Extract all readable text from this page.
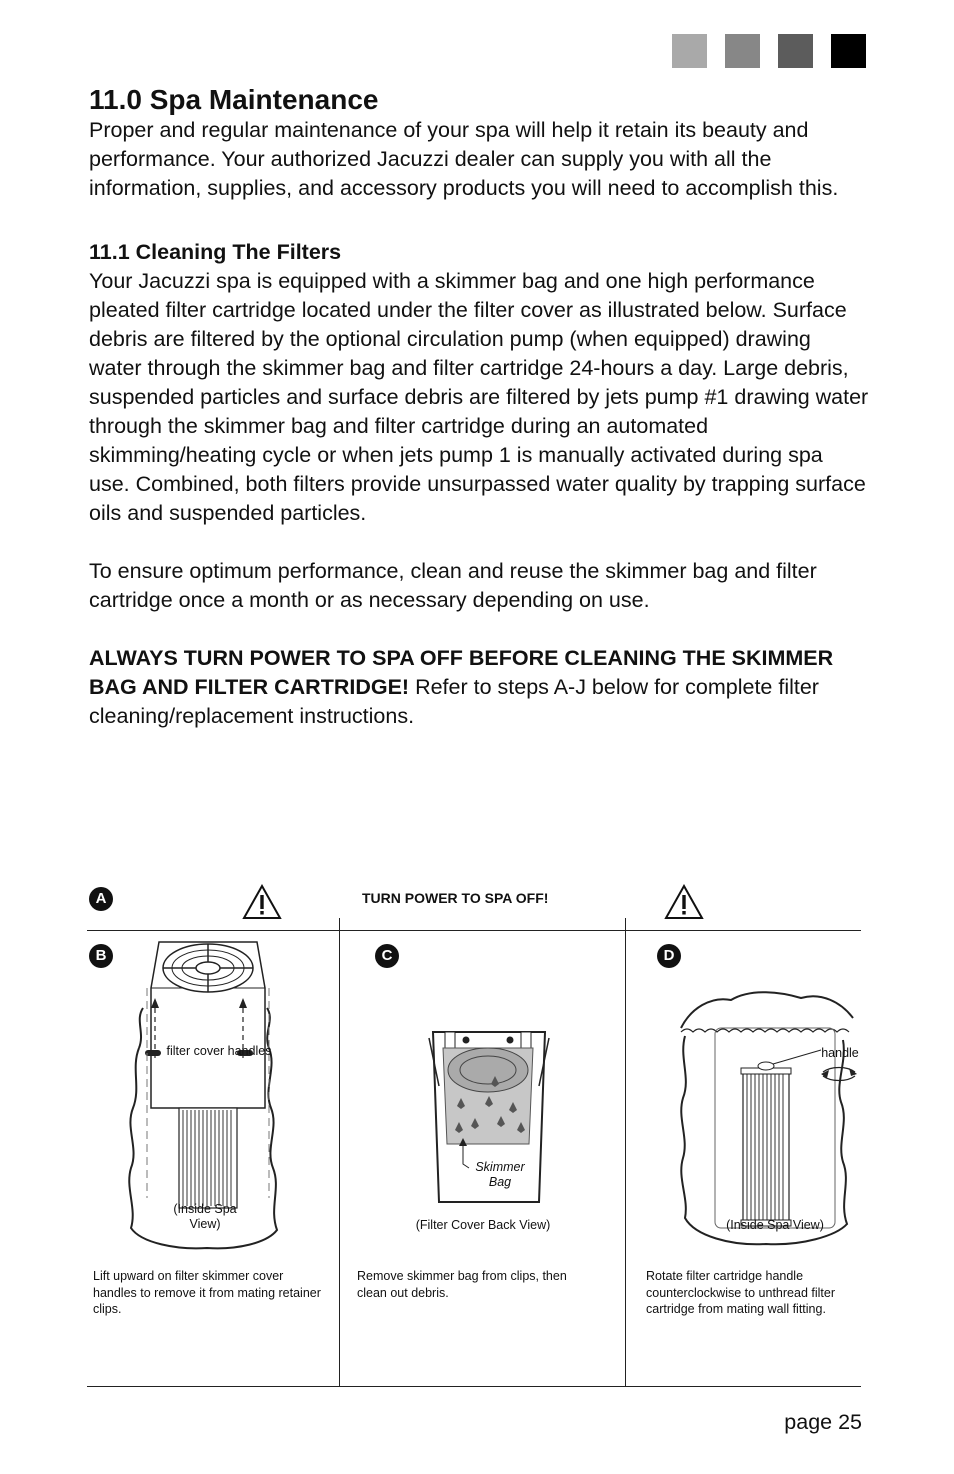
11.0 Spa Maintenance

Proper and regular maintenance of your spa will help it retain its beauty and performance. Your authorized Jacuzzi dealer can supply you with all the information, supplies, and accessory products you will need to accomplish this.

11.1 Cleaning The Filters

Your Jacuzzi spa is equipped with a skimmer bag and one high performance pleated filter cartridge located under the filter cover as illustrated below. Surface debris are filtered by the optional circulation pump (when equipped) drawing water through the skimmer bag and filter cartridge 24-hours a day. Large debris, suspended particles and surface debris are filtered by jets pump #1 drawing water through the skimmer bag and filter cartridge during an automated skimming/heating cycle or when jets pump 1 is manually activated during spa use. Combined, both filters provide unsurpassed water quality by trapping surface oils and suspended particles.

To ensure optimum performance, clean and reuse the skimmer bag and filter cartridge once a month or as necessary depending on use.

ALWAYS TURN POWER TO SPA OFF BEFORE CLEANING THE SKIMMER BAG AND FILTER CARTRIDGE! Refer to steps A-J below for complete filter cleaning/replacement instructions.

A	TURN POWER TO SPA OFF!
B
filter cover handles
(Inside Spa View)
Lift upward on filter skimmer cover handles to remove it from mating retainer clips.
C
Skimmer Bag
(Filter Cover Back View)
Remove skimmer bag from clips, then clean out debris.
D
handle
(Inside Spa View)
Rotate filter cartridge handle counterclockwise to unthread filter cartridge from mating wall fitting.
page 25
